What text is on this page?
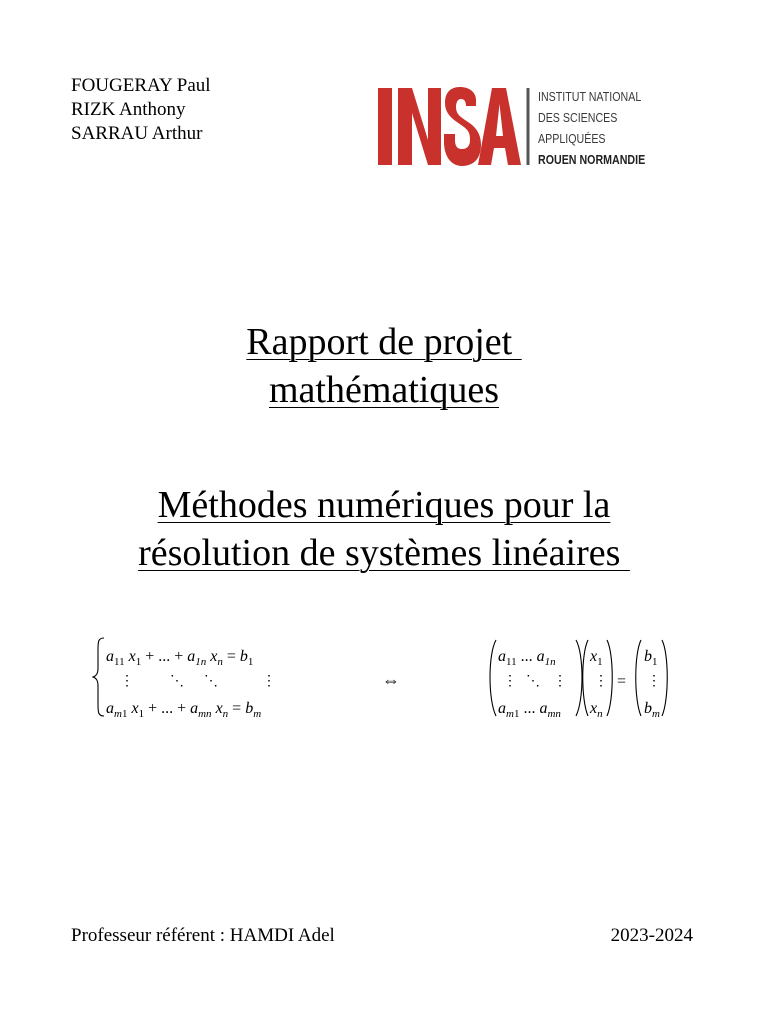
FOUGERAY Paul
RIZK Anthony
SARRAU Arthur
INSTITUT NATIONAL
DES SCIENCES
APPLIQUÉES
ROUEN NORMANDIE
Rapport de projet
mathématiques
Méthodes numériques pour la
résolution de systèmes linéaires
$a_{11}$ $x_1$ + ... + $a_{1n}$ $x_n = b_1$
⋮	⋱ ⋱	⋮
$a_{m1}$ $x_1$ + ... + $a_{mn}$ $x_n = b_m$
⇔
$a_{11}$ ... $a_{1n}$
⋮ ⋱ ⋮
$a_{m1}$ ... $a_{mn}$
$x_1$
⋮
$x_n$
=
$b_1$
⋮
$b_m$
Professeur référent : HAMDI Adel	2023-2024
